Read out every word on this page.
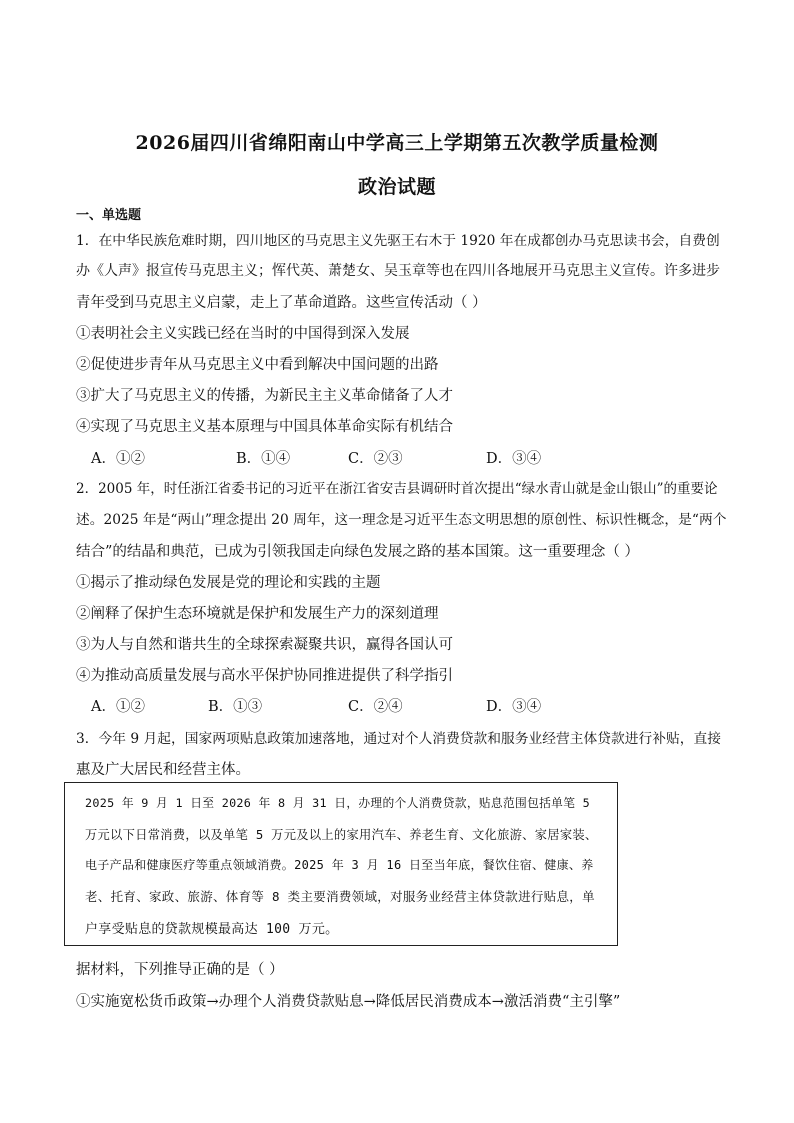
2026届四川省绵阳南山中学高三上学期第五次教学质量检测
政治试题
一、单选题
1．在中华民族危难时期，四川地区的马克思主义先驱王右木于 1920 年在成都创办马克思读书会，自费创
办《人声》报宣传马克思主义；恽代英、萧楚女、吴玉章等也在四川各地展开马克思主义宣传。许多进步
青年受到马克思主义启蒙，走上了革命道路。这些宣传活动（ ）
①表明社会主义实践已经在当时的中国得到深入发展
②促使进步青年从马克思主义中看到解决中国问题的出路
③扩大了马克思主义的传播，为新民主主义革命储备了人才
④实现了马克思主义基本原理与中国具体革命实际有机结合
A．①②	B．①④	C．②③	D．③④
2．2005 年，时任浙江省委书记的习近平在浙江省安吉县调研时首次提出“绿水青山就是金山银山”的重要论
述。2025 年是“两山”理念提出 20 周年，这一理念是习近平生态文明思想的原创性、标识性概念，是“两个
结合”的结晶和典范，已成为引领我国走向绿色发展之路的基本国策。这一重要理念（ ）
①揭示了推动绿色发展是党的理论和实践的主题
②阐释了保护生态环境就是保护和发展生产力的深刻道理
③为人与自然和谐共生的全球探索凝聚共识，赢得各国认可
④为推动高质量发展与高水平保护协同推进提供了科学指引
A．①②	B．①③	C．②④	D．③④
3．今年 9 月起，国家两项贴息政策加速落地，通过对个人消费贷款和服务业经营主体贷款进行补贴，直接
惠及广大居民和经营主体。
2025 年 9 月 1 日至 2026 年 8 月 31 日，办理的个人消费贷款，贴息范围包括单笔 5
万元以下日常消费，以及单笔 5 万元及以上的家用汽车、养老生育、文化旅游、家居家装、
电子产品和健康医疗等重点领域消费。2025 年 3 月 16 日至当年底，餐饮住宿、健康、养
老、托育、家政、旅游、体育等 8 类主要消费领域，对服务业经营主体贷款进行贴息，单
户享受贴息的贷款规模最高达 100 万元。
据材料，下列推导正确的是（ ）
①实施宽松货币政策→办理个人消费贷款贴息→降低居民消费成本→激活消费“主引擎”
